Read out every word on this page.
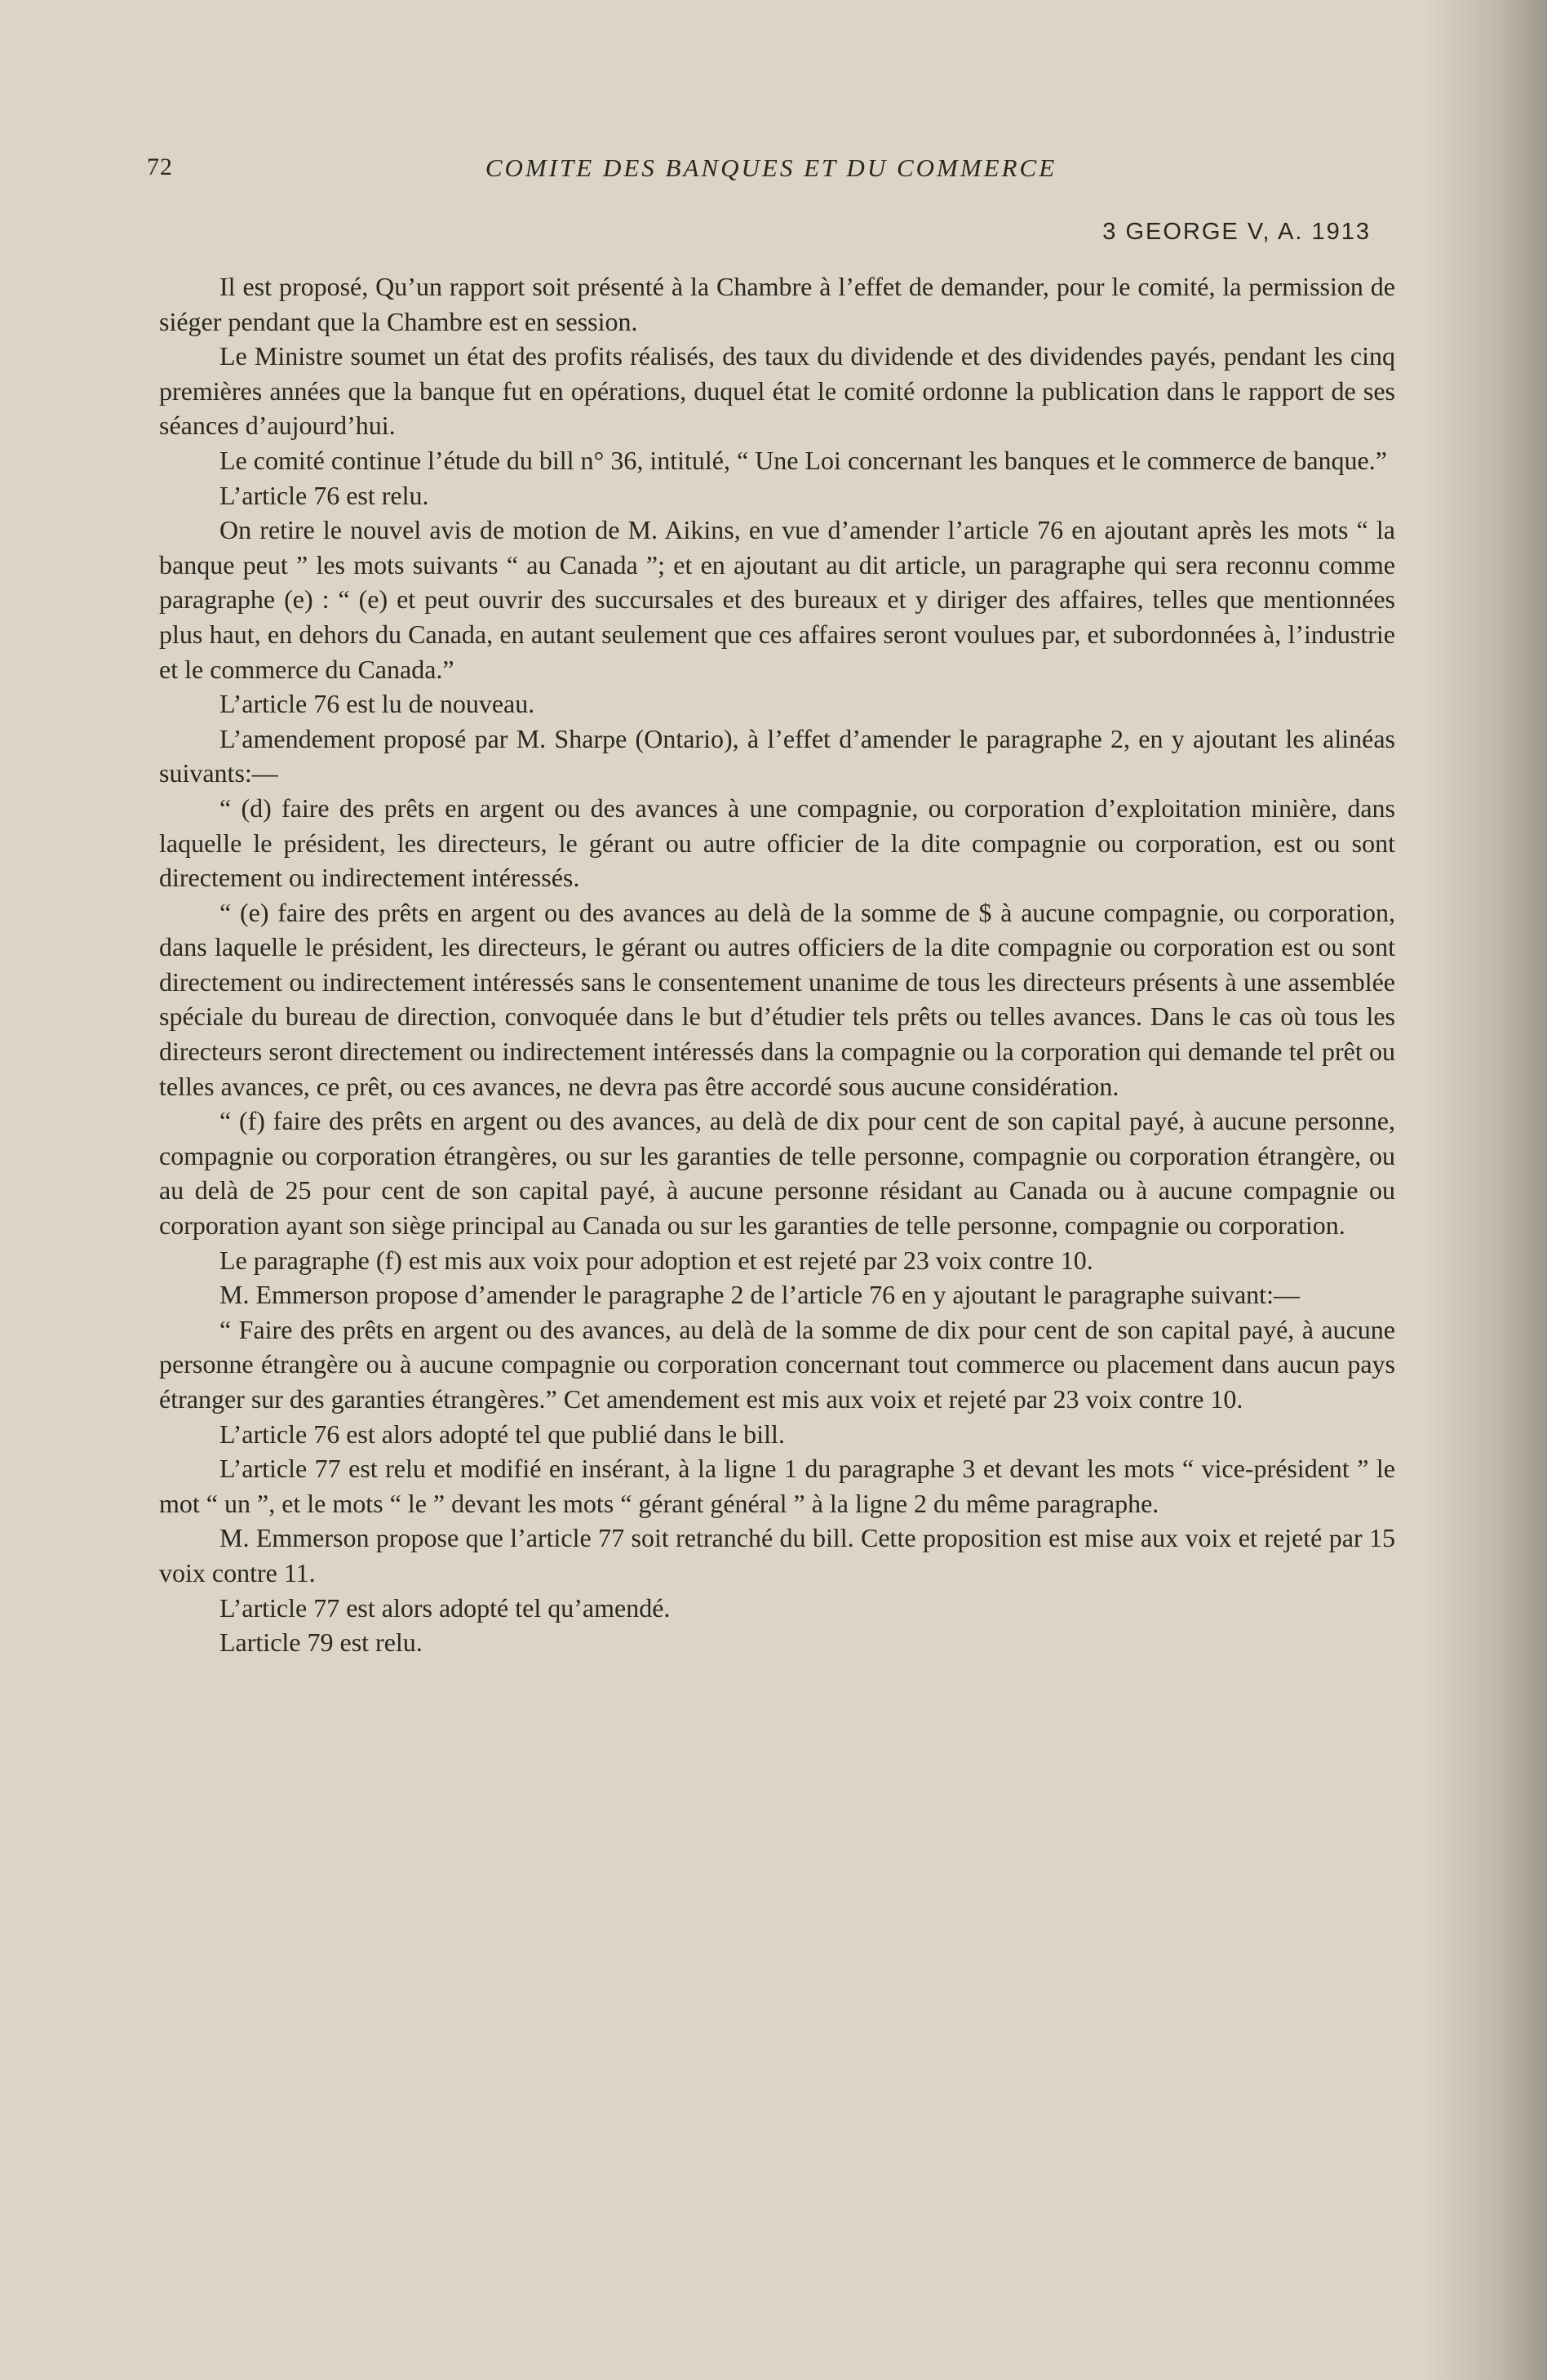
72	COMITE DES BANQUES ET DU COMMERCE
3 GEORGE V, A. 1913

Il est proposé, Qu’un rapport soit présenté à la Chambre à l’effet de demander, pour le comité, la permission de siéger pendant que la Chambre est en session.

Le Ministre soumet un état des profits réalisés, des taux du dividende et des dividendes payés, pendant les cinq premières années que la banque fut en opérations, duquel état le comité ordonne la publication dans le rapport de ses séances d’aujourd’hui.

Le comité continue l’étude du bill n° 36, intitulé, “ Une Loi concernant les banques et le commerce de banque.”

L’article 76 est relu.

On retire le nouvel avis de motion de M. Aikins, en vue d’amender l’article 76 en ajoutant après les mots “ la banque peut ” les mots suivants “ au Canada ”; et en ajoutant au dit article, un paragraphe qui sera reconnu comme paragraphe (e) : “ (e) et peut ouvrir des succursales et des bureaux et y diriger des affaires, telles que mentionnées plus haut, en dehors du Canada, en autant seulement que ces affaires seront voulues par, et subordonnées à, l’industrie et le commerce du Canada.”

L’article 76 est lu de nouveau.

L’amendement proposé par M. Sharpe (Ontario), à l’effet d’amender le paragraphe 2, en y ajoutant les alinéas suivants:—

“ (d) faire des prêts en argent ou des avances à une compagnie, ou corporation d’exploitation minière, dans laquelle le président, les directeurs, le gérant ou autre officier de la dite compagnie ou corporation, est ou sont directement ou indirectement intéressés.

“ (e) faire des prêts en argent ou des avances au delà de la somme de $ à aucune compagnie, ou corporation, dans laquelle le président, les directeurs, le gérant ou autres officiers de la dite compagnie ou corporation est ou sont directement ou indirectement intéressés sans le consentement unanime de tous les directeurs présents à une assemblée spéciale du bureau de direction, convoquée dans le but d’étudier tels prêts ou telles avances. Dans le cas où tous les directeurs seront directement ou indirectement intéressés dans la compagnie ou la corporation qui demande tel prêt ou telles avances, ce prêt, ou ces avances, ne devra pas être accordé sous aucune considération.

“ (f) faire des prêts en argent ou des avances, au delà de dix pour cent de son capital payé, à aucune personne, compagnie ou corporation étrangères, ou sur les garanties de telle personne, compagnie ou corporation étrangère, ou au delà de 25 pour cent de son capital payé, à aucune personne résidant au Canada ou à aucune compagnie ou corporation ayant son siège principal au Canada ou sur les garanties de telle personne, compagnie ou corporation.

Le paragraphe (f) est mis aux voix pour adoption et est rejeté par 23 voix contre 10.

M. Emmerson propose d’amender le paragraphe 2 de l’article 76 en y ajoutant le paragraphe suivant:—

“ Faire des prêts en argent ou des avances, au delà de la somme de dix pour cent de son capital payé, à aucune personne étrangère ou à aucune compagnie ou corporation concernant tout commerce ou placement dans aucun pays étranger sur des garanties étrangères.” Cet amendement est mis aux voix et rejeté par 23 voix contre 10.

L’article 76 est alors adopté tel que publié dans le bill.

L’article 77 est relu et modifié en insérant, à la ligne 1 du paragraphe 3 et devant les mots “ vice-président ” le mot “ un ”, et le mots “ le ” devant les mots “ gérant général ” à la ligne 2 du même paragraphe.

M. Emmerson propose que l’article 77 soit retranché du bill. Cette proposition est mise aux voix et rejeté par 15 voix contre 11.

L’article 77 est alors adopté tel qu’amendé.

Larticle 79 est relu.
